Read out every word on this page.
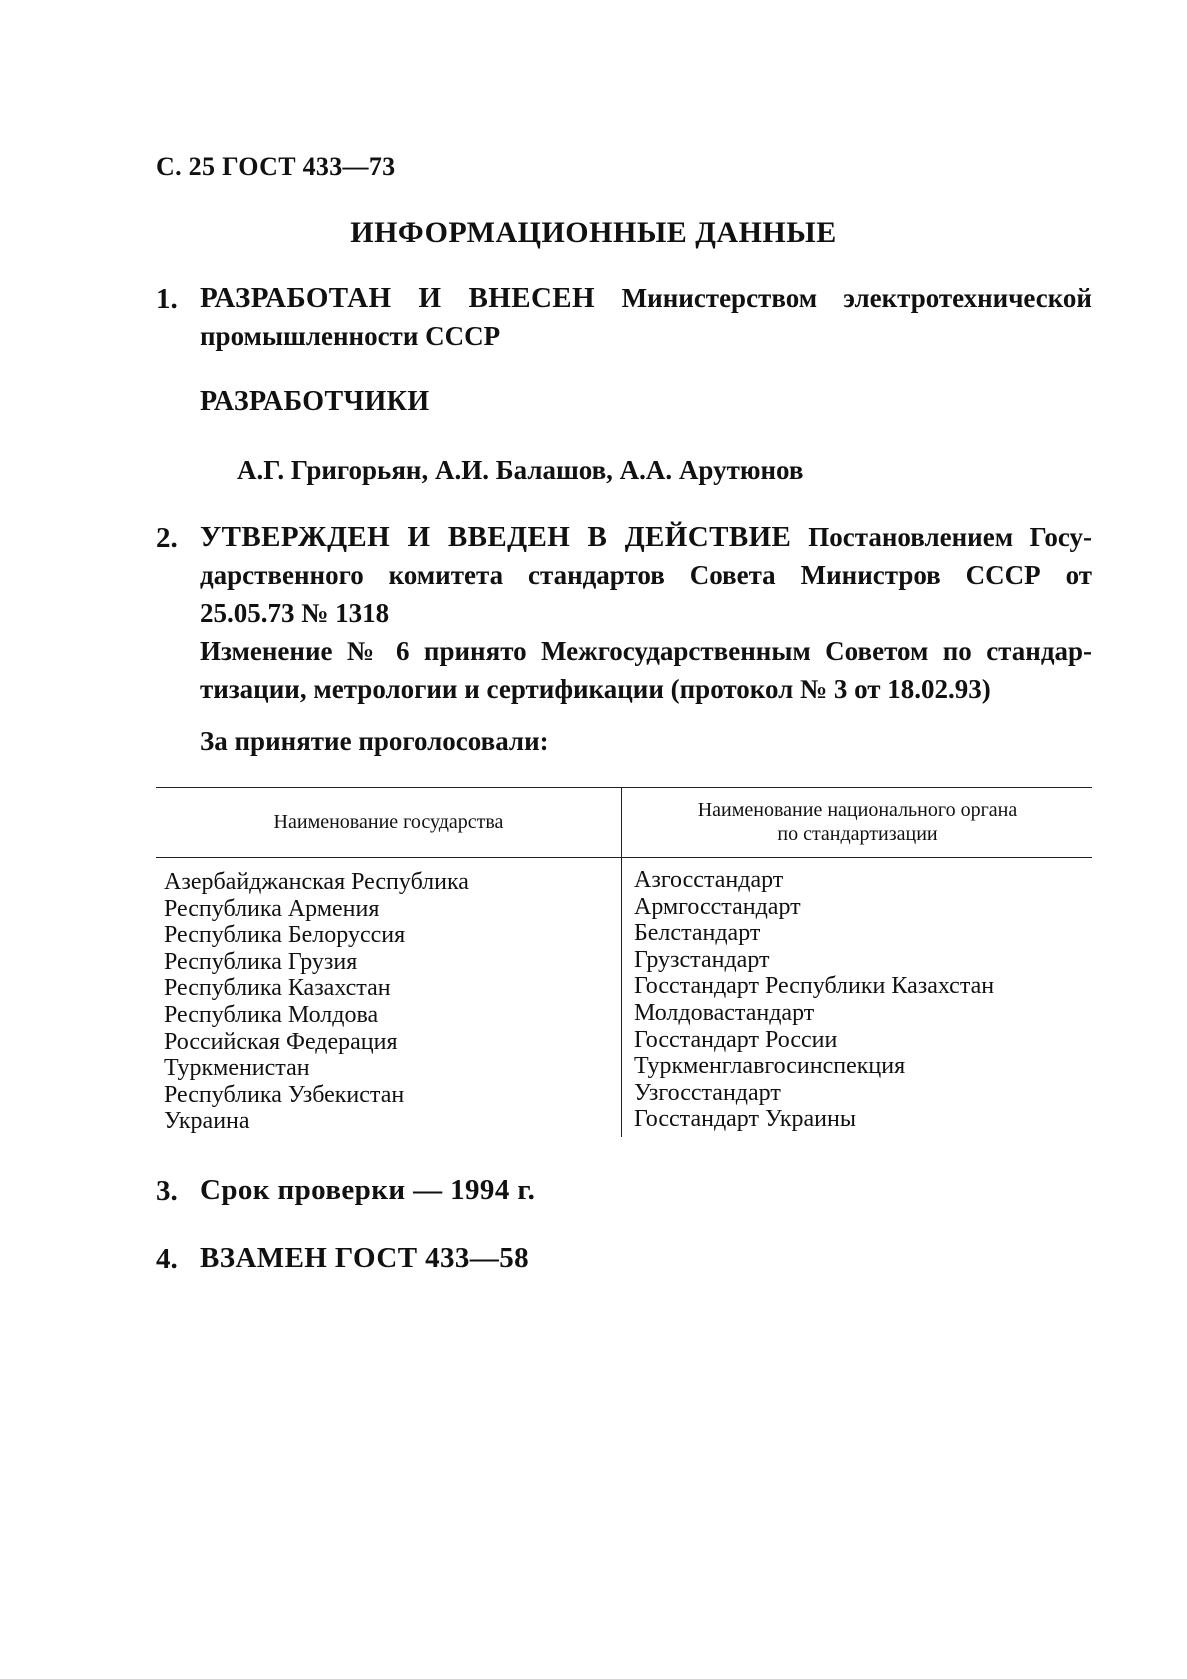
С. 25 ГОСТ 433—73
ИНФОРМАЦИОННЫЕ ДАННЫЕ
1. РАЗРАБОТАН И ВНЕСЕН Министерством электротехнической
промышленности СССР
РАЗРАБОТЧИКИ
А.Г. Григорьян, А.И. Балашов, А.А. Арутюнов
2. УТВЕРЖДЕН И ВВЕДЕН В ДЕЙСТВИЕ Постановлением Госу-
дарственного комитета стандартов Совета Министров СССР от
25.05.73 № 1318
Изменение № 6 принято Межгосударственным Советом по стандар-
тизации, метрологии и сертификации (протокол № 3 от 18.02.93)
За принятие проголосовали:
Наименование государства
Наименование национального органа
по стандартизации
Азербайджанская Республика
Республика Армения
Республика Белоруссия
Республика Грузия
Республика Казахстан
Республика Молдова
Российская Федерация
Туркменистан
Республика Узбекистан
Украина
Азгосстандарт
Армгосстандарт
Белстандарт
Грузстандарт
Госстандарт Республики Казахстан
Молдовастандарт
Госстандарт России
Туркменглавгосинспекция
Узгосстандарт
Госстандарт Украины
3. Срок проверки — 1994 г.
4. ВЗАМЕН ГОСТ 433—58
